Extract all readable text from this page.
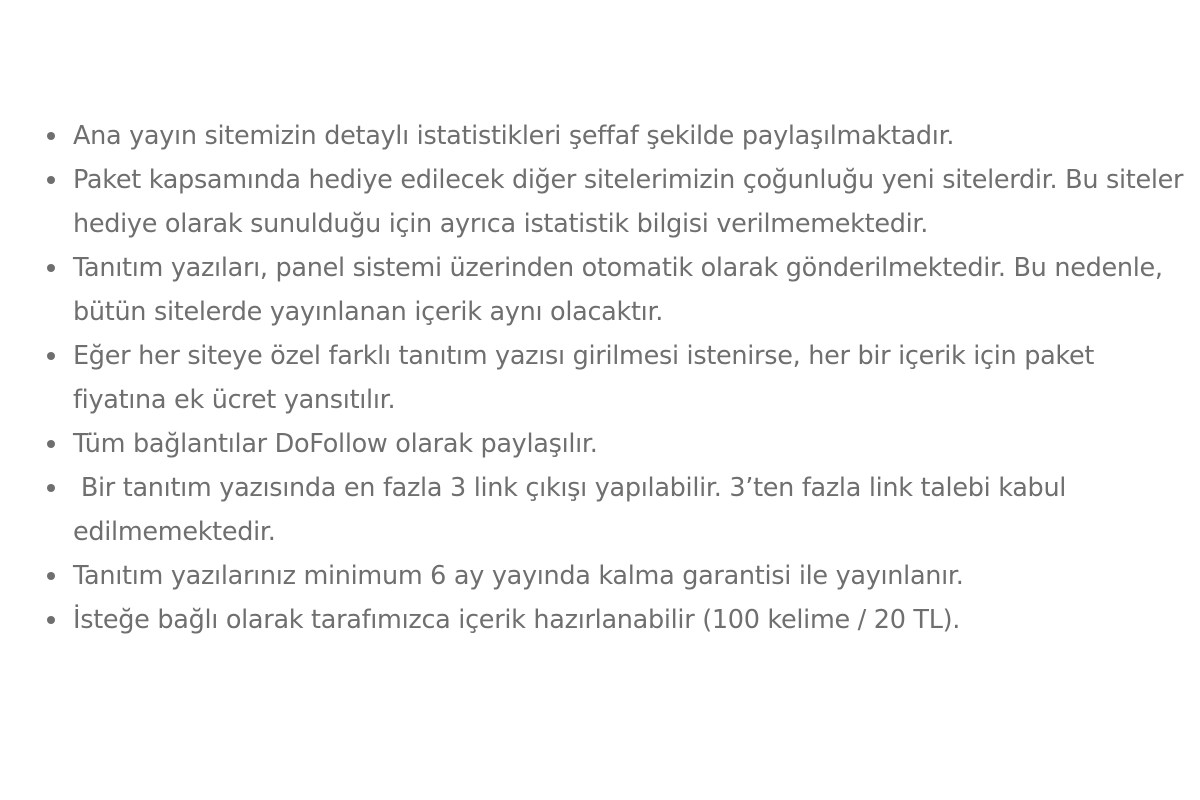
Ana yayın sitemizin detaylı istatistikleri şeffaf şekilde paylaşılmaktadır.
Paket kapsamında hediye edilecek diğer sitelerimizin çoğunluğu yeni sitelerdir. Bu siteler hediye olarak sunulduğu için ayrıca istatistik bilgisi verilmemektedir.
Tanıtım yazıları, panel sistemi üzerinden otomatik olarak gönderilmektedir. Bu nedenle, bütün sitelerde yayınlanan içerik aynı olacaktır.
Eğer her siteye özel farklı tanıtım yazısı girilmesi istenirse, her bir içerik için paket fiyatına ek ücret yansıtılır.
Tüm bağlantılar DoFollow olarak paylaşılır.
Bir tanıtım yazısında en fazla 3 link çıkışı yapılabilir. 3’ten fazla link talebi kabul edilmemektedir.
Tanıtım yazılarınız minimum 6 ay yayında kalma garantisi ile yayınlanır.
İsteğe bağlı olarak tarafımızca içerik hazırlanabilir (100 kelime / 20 TL).
